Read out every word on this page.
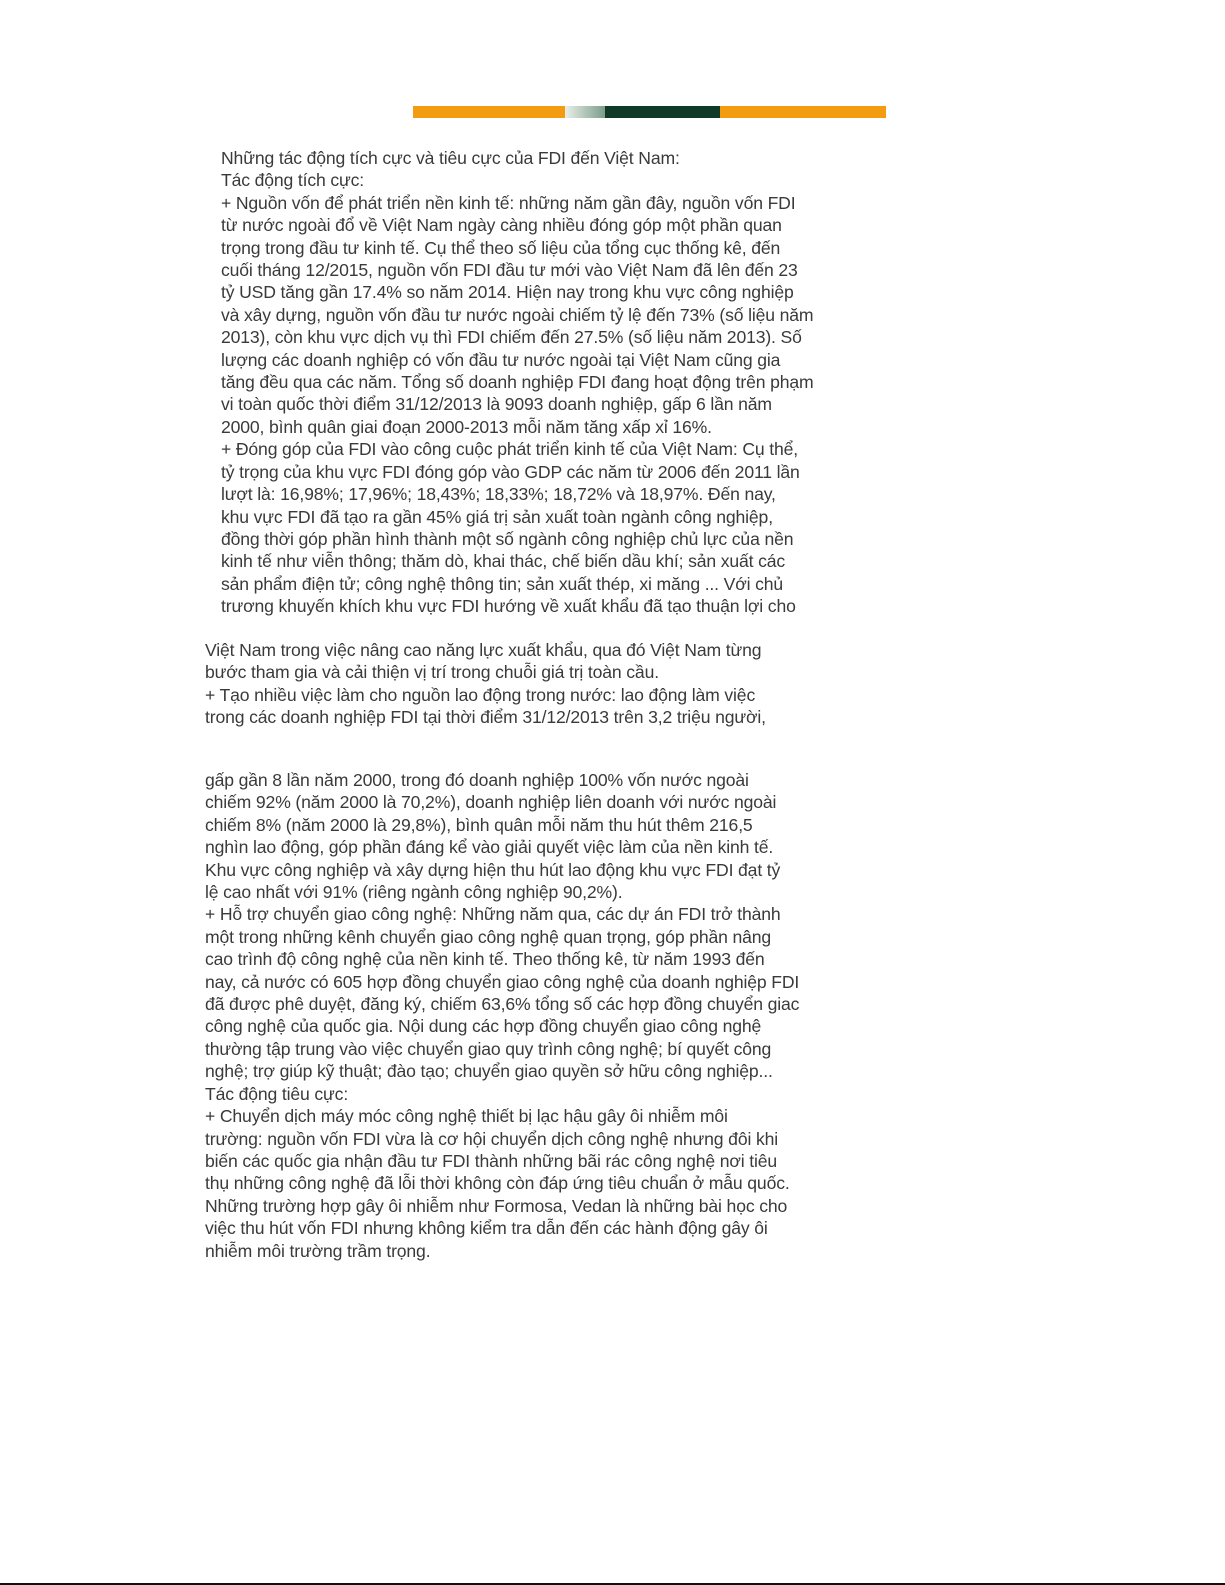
Những tác động tích cực và tiêu cực của FDI đến Việt Nam:

Tác động tích cực:

+ Nguồn vốn để phát triển nền kinh tế: những năm gần đây, nguồn vốn FDI

từ nước ngoài đổ về Việt Nam ngày càng nhiều đóng góp một phần quan

trọng trong đầu tư kinh tế. Cụ thể theo số liệu của tổng cục thống kê, đến

cuối tháng 12/2015, nguồn vốn FDI đầu tư mới vào Việt Nam đã lên đến 23

tỷ USD tăng gần 17.4% so năm 2014. Hiện nay trong khu vực công nghiệp

và xây dựng, nguồn vốn đầu tư nước ngoài chiếm tỷ lệ đến 73% (số liệu năm

2013), còn khu vực dịch vụ thì FDI chiếm đến 27.5% (số liệu năm 2013). Số

lượng các doanh nghiệp có vốn đầu tư nước ngoài tại Việt Nam cũng gia

tăng đều qua các năm. Tổng số doanh nghiệp FDI đang hoạt động trên phạm

vi toàn quốc thời điểm 31/12/2013 là 9093 doanh nghiệp, gấp 6 lần năm

2000, bình quân giai đoạn 2000-2013 mỗi năm tăng xấp xỉ 16%.

+ Đóng góp của FDI vào công cuộc phát triển kinh tế của Việt Nam: Cụ thể,

tỷ trọng của khu vực FDI đóng góp vào GDP các năm từ 2006 đến 2011 lần

lượt là: 16,98%; 17,96%; 18,43%; 18,33%; 18,72% và 18,97%. Đến nay,

khu vực FDI đã tạo ra gần 45% giá trị sản xuất toàn ngành công nghiệp,

đồng thời góp phần hình thành một số ngành công nghiệp chủ lực của nền

kinh tế như viễn thông; thăm dò, khai thác, chế biến dầu khí; sản xuất các

sản phẩm điện tử; công nghệ thông tin; sản xuất thép, xi măng ... Với chủ

trương khuyến khích khu vực FDI hướng về xuất khẩu đã tạo thuận lợi cho

Việt Nam trong việc nâng cao năng lực xuất khẩu, qua đó Việt Nam từng

bước tham gia và cải thiện vị trí trong chuỗi giá trị toàn cầu.

+ Tạo nhiều việc làm cho nguồn lao động trong nước: lao động làm việc

trong các doanh nghiệp FDI tại thời điểm 31/12/2013 trên 3,2 triệu người,

gấp gần 8 lần năm 2000, trong đó doanh nghiệp 100% vốn nước ngoài

chiếm 92% (năm 2000 là 70,2%), doanh nghiệp liên doanh với nước ngoài

chiếm 8% (năm 2000 là 29,8%), bình quân mỗi năm thu hút thêm 216,5

nghìn lao động, góp phần đáng kể vào giải quyết việc làm của nền kinh tế.

Khu vực công nghiệp và xây dựng hiện thu hút lao động khu vực FDI đạt tỷ

lệ cao nhất với 91% (riêng ngành công nghiệp 90,2%).

+ Hỗ trợ chuyển giao công nghệ: Những năm qua, các dự án FDI trở thành

một trong những kênh chuyển giao công nghệ quan trọng, góp phần nâng

cao trình độ công nghệ của nền kinh tế. Theo thống kê, từ năm 1993 đến

nay, cả nước có 605 hợp đồng chuyển giao công nghệ của doanh nghiệp FDI

đã được phê duyệt, đăng ký, chiếm 63,6% tổng số các hợp đồng chuyển giac

công nghệ của quốc gia. Nội dung các hợp đồng chuyển giao công nghệ

thường tập trung vào việc chuyển giao quy trình công nghệ; bí quyết công

nghệ; trợ giúp kỹ thuật; đào tạo; chuyển giao quyền sở hữu công nghiệp...

Tác động tiêu cực:

+ Chuyển dịch máy móc công nghệ thiết bị lạc hậu gây ôi nhiễm môi

trường: nguồn vốn FDI vừa là cơ hội chuyển dịch công nghệ nhưng đôi khi

biến các quốc gia nhận đầu tư FDI thành những bãi rác công nghệ nơi tiêu

thụ những công nghệ đã lỗi thời không còn đáp ứng tiêu chuẩn ở mẫu quốc.

Những trường hợp gây ôi nhiễm như Formosa, Vedan là những bài học cho

việc thu hút vốn FDI nhưng không kiểm tra dẫn đến các hành động gây ôi

nhiễm môi trường trầm trọng.
